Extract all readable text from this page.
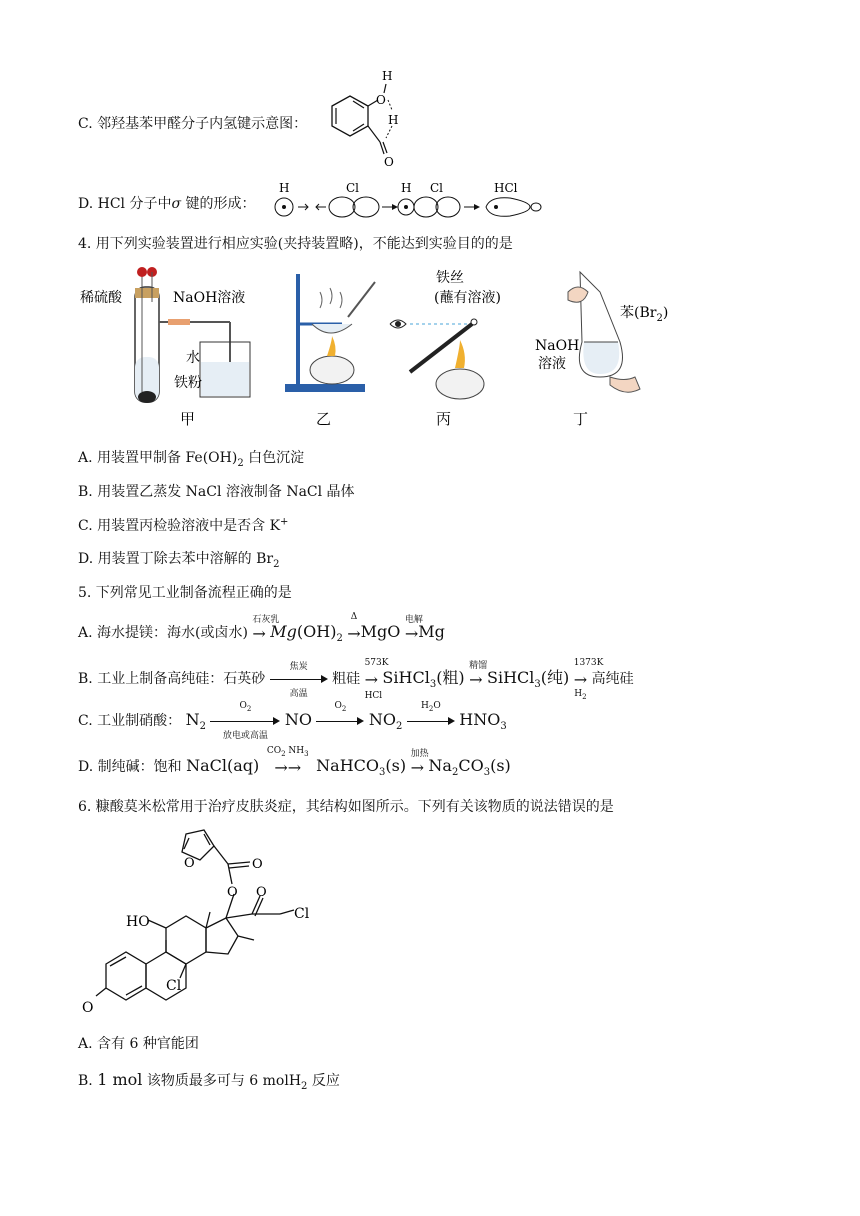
C. 邻羟基苯甲醛分子内氢键示意图：
H
O
H
O
D. HCl 分子中σ 键的形成：
H	Cl	H Cl	HCl
4. 用下列实验装置进行相应实验(夹持装置略)，不能达到实验目的的是
稀硫酸	NaOH溶液
水
铁粉
甲	乙
铁丝
(蘸有溶液)
丙
苯$(Br_2)$
NaOH
溶液
丁
A. 用装置甲制备 $Fe(OH)_2$ 白色沉淀
B. 用装置乙蒸发 NaCl 溶液制备 NaCl 晶体
C. 用装置丙检验溶液中是否含 K+
D. 用装置丁除去苯中溶解的 $Br_2$
5. 下列常见工业制备流程正确的是
A. 海水提镁：海水(或卤水)
石灰乳
→ $Mg(OH)_2$
Δ
→MgO
电解
→Mg
B. 工业上制备高纯硅：石英砂
焦炭
高温
粗硅
573K
→
HCl
SiHCl$_3$(粗)
精馏
→ SiHCl$_3$(纯)
1373K
→
$H_2$
高纯硅
C. 工业制硝酸： $N_2$
$O_2$
放电或高温
NO
$O_2$
$NO_2$
$H_2O$
$HNO_3$
D. 制纯碱：饱和 NaCl(aq)
$CO_2$ $NH_3$
→→ NaHCO$_3$(s)
加热
→ $Na_2CO_3(s)$
6. 糠酸莫米松常用于治疗皮肤炎症，其结构如图所示。下列有关该物质的说法错误的是
O	O
O O
HO	Cl
Cl
O
A. 含有 6 种官能团
B. 1 mol 该物质最多可与 6 molH$_2$ 反应
